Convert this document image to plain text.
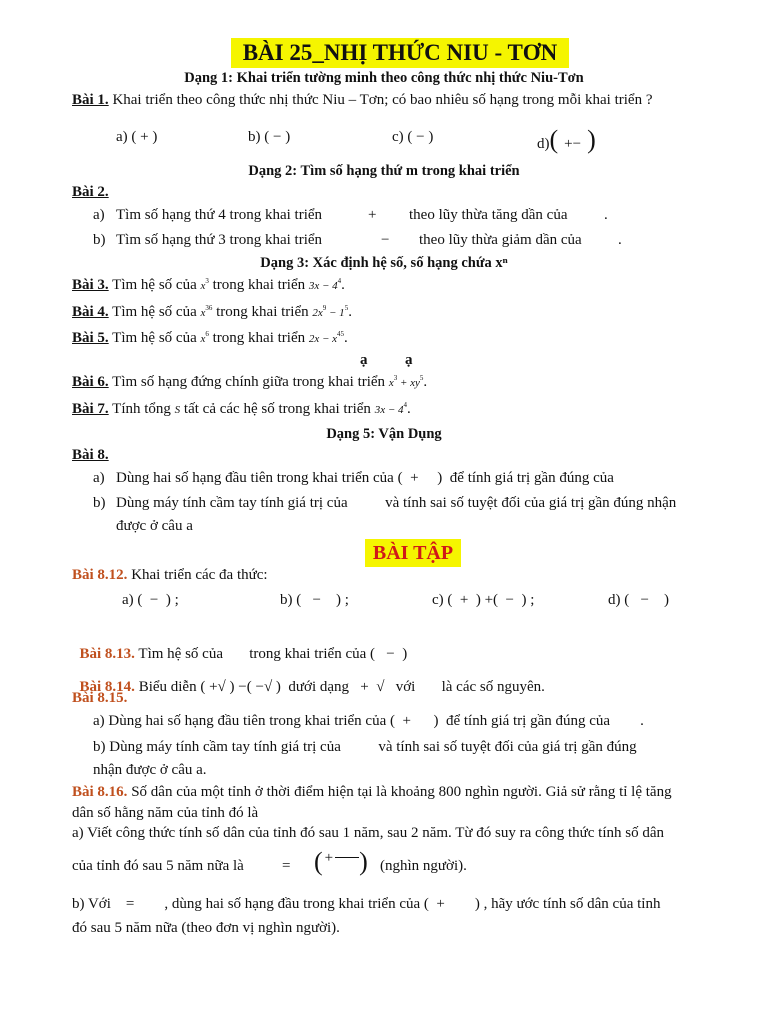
BÀI 25_NHỊ THỨC NIU - TƠN
Dạng 1: Khai triển tường minh theo công thức nhị thức Niu-Tơn
Bài 1. Khai triển theo công thức nhị thức Niu – Tơn; có bao nhiêu số hạng trong mỗi khai triển ?
a) ( + )	b) ( − )	c) ( − )	d)( +− )
Dạng 2: Tìm số hạng thứ m trong khai triển
Bài 2.
a) Tìm số hạng thứ 4 trong khai triển	+ theo lũy thừa tăng dần của .
b) Tìm số hạng thứ 3 trong khai triển	− theo lũy thừa giảm dần của .
Dạng 3: Xác định hệ số, số hạng chứa xⁿ
Bài 3. Tìm hệ số của $x^3$ trong khai triển $3x - 4^4$.
Bài 4. Tìm hệ số của $x^{36}$ trong khai triển $2x^9 - 1^5$.
Bài 5. Tìm hệ số của $x^6$ trong khai triển $2x - x^{45}$.
ạ          ạ
Bài 6. Tìm số hạng đứng chính giữa trong khai triển $x^3 + xy^5$.
Bài 7. Tính tổng S tất cả các hệ số trong khai triển $3x - 4^4$.
Dạng 5: Vận Dụng
Bài 8.
a) Dùng hai số hạng đầu tiên trong khai triển của (  +     )  để tính giá trị gần đúng của
b) Dùng máy tính cầm tay tính giá trị của          và tính sai số tuyệt đối của giá trị gần đúng nhận
được ở câu a
BÀI TẬP
Bài 8.12. Khai triển các đa thức:
a) (  −  ) ;	b) (   −    ) ;	c) (  +  ) +(  −  ) ;	d) (   −    )

Bài 8.13. Tìm hệ số của       trong khai triển của (   −  )

Bài 8.14. Biểu diễn ( +√ ) −( −√ ) dưới dạng   +  √   với       là các số nguyên.

Bài 8.15.
a) Dùng hai số hạng đầu tiên trong khai triển của (  +      )  để tính giá trị gần đúng của        .
b) Dùng máy tính cầm tay tính giá trị của          và tính sai số tuyệt đối của giá trị gần đúng
nhận được ở câu a.
Bài 8.16. Số dân của một tỉnh ở thời điểm hiện tại là khoảng 800 nghìn người. Giả sử rằng tỉ lệ tăng
dân số hằng năm của tỉnh đó là
a) Viết công thức tính số dân của tỉnh đó sau 1 năm, sau 2 năm. Từ đó suy ra công thức tính số dân
của tỉnh đó sau 5 năm nữa là	= ( + ) (nghìn người).
b) Với    =        , dùng hai số hạng đầu trong khai triển của (  +        ) , hãy ước tính số dân của tỉnh
đó sau 5 năm nữa (theo đơn vị nghìn người).
